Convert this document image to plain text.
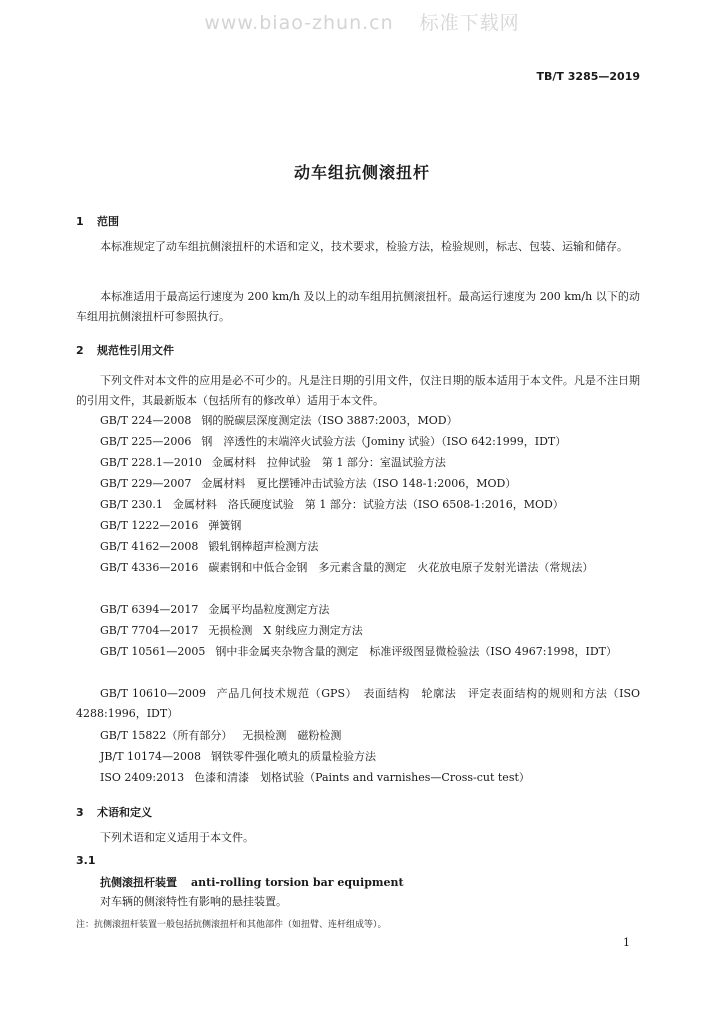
www.biao-zhun.cn 标准下载网
TB/T 3285—2019
动车组抗侧滚扭杆
1 范围

本标准规定了动车组抗侧滚扭杆的术语和定义，技术要求，检验方法，检验规则，标志、包装、运输和储存。

本标准适用于最高运行速度为 200 km/h 及以上的动车组用抗侧滚扭杆。最高运行速度为 200 km/h 以下的动车组用抗侧滚扭杆可参照执行。

2 规范性引用文件

下列文件对本文件的应用是必不可少的。凡是注日期的引用文件，仅注日期的版本适用于本文件。凡是不注日期的引用文件，其最新版本（包括所有的修改单）适用于本文件。

GB/T 224—2008 钢的脱碳层深度测定法（ISO 3887:2003，MOD）

GB/T 225—2006 钢　淬透性的末端淬火试验方法（Jominy 试验）（ISO 642:1999，IDT）

GB/T 228.1—2010 金属材料　拉伸试验　第 1 部分：室温试验方法

GB/T 229—2007 金属材料　夏比摆锤冲击试验方法（ISO 148-1:2006，MOD）

GB/T 230.1 金属材料　洛氏硬度试验　第 1 部分：试验方法（ISO 6508-1:2016，MOD）

GB/T 1222—2016 弹簧钢

GB/T 4162—2008 锻轧钢棒超声检测方法

GB/T 4336—2016 碳素钢和中低合金钢　多元素含量的测定　火花放电原子发射光谱法（常规法）

GB/T 6394—2017 金属平均晶粒度测定方法

GB/T 7704—2017 无损检测　X 射线应力测定方法

GB/T 10561—2005 钢中非金属夹杂物含量的测定　标准评级图显微检验法（ISO 4967:1998，IDT）

GB/T 10610—2009 产品几何技术规范（GPS）　表面结构　轮廓法　评定表面结构的规则和方法（ISO 4288:1996，IDT）

GB/T 15822（所有部分） 无损检测　磁粉检测

JB/T 10174—2008 钢铁零件强化喷丸的质量检验方法

ISO 2409:2013 色漆和清漆　划格试验（Paints and varnishes—Cross-cut test）

3 术语和定义

下列术语和定义适用于本文件。

3.1
抗侧滚扭杆装置 anti-rolling torsion bar equipment
对车辆的侧滚特性有影响的悬挂装置。
注：抗侧滚扭杆装置一般包括抗侧滚扭杆和其他部件（如扭臂、连杆组成等）。
1
